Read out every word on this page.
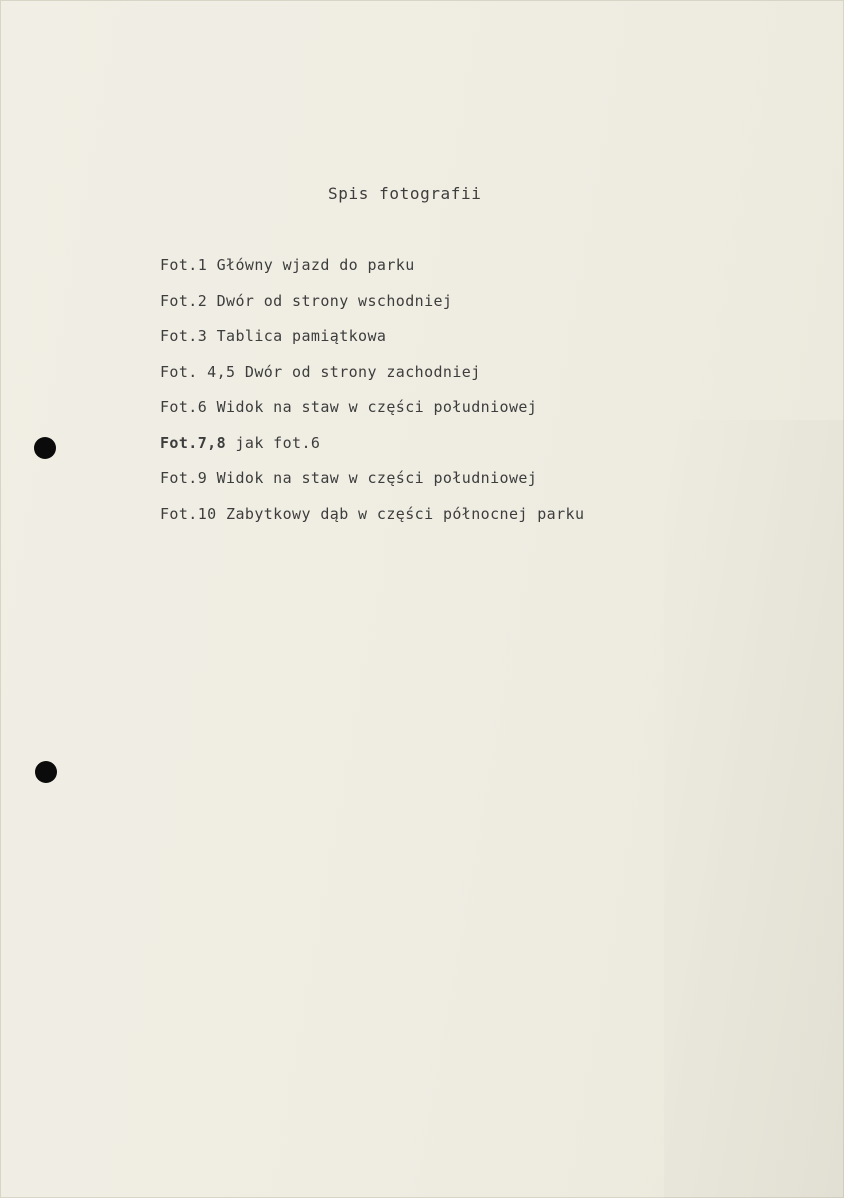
Spis fotografii
Fot.1 Główny wjazd do parku
Fot.2 Dwór od strony wschodniej
Fot.3 Tablica pamiątkowa
Fot. 4,5 Dwór od strony zachodniej
Fot.6 Widok na staw w części południowej
Fot.7,8 jak fot.6
Fot.9 Widok na staw w części południowej
Fot.10 Zabytkowy dąb w części północnej parku
